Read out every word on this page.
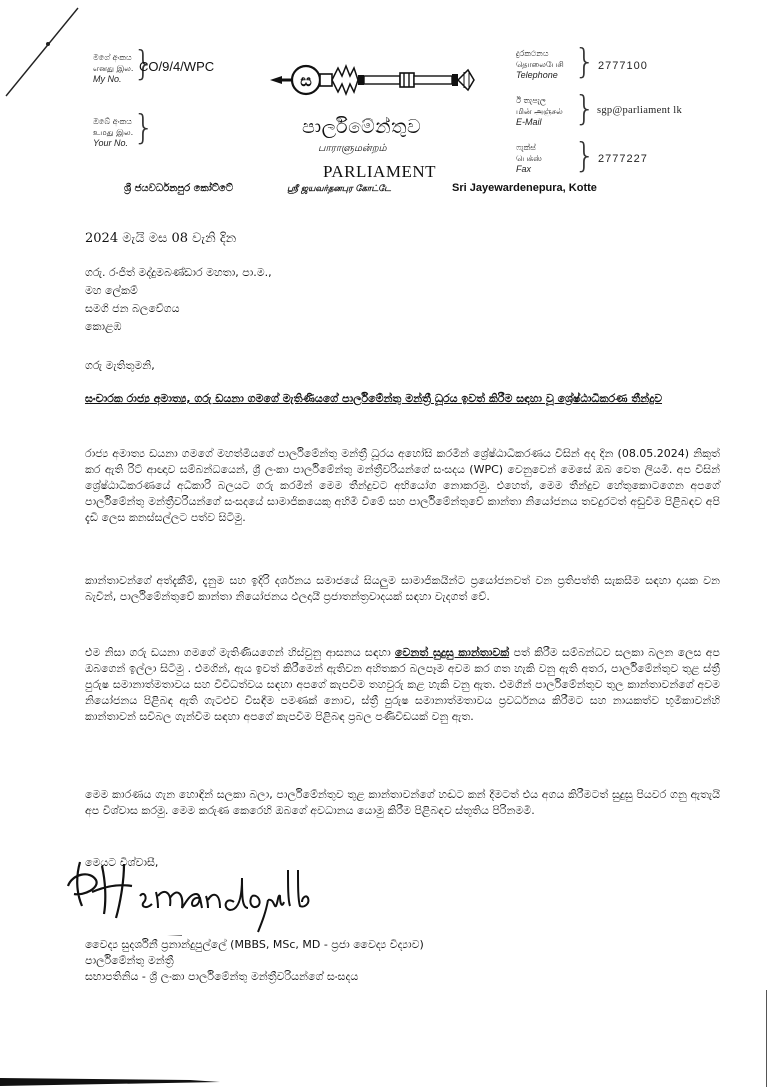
මගේ අංකය
எனது இல.
My No. }
CO/9/4/WPC
ඔබේ අංකය
உமது இல.
Your No. }
ස
පාර්ලිමේන්තුව
பாராளுமன்றம்
PARLIAMENT
ශ්‍රී ජයවර්ධනපුර කෝට්ටේ	ஸ்ரீ ஜயவர்தனபுர கோட்டே	Sri Jayewardenepura, Kotte
දුරකථනය
தொலைபேசி
Telephone } 2777100
ඊ තැපැල
மின் அஞ்சல்
E-Mail } sgp@parliament lk
ෆැක්ස්
பெக்ஸ்
Fax	} 2777227
2024 මැයි මස 08 වැනි දින
ගරු. රංජිත් මද්දුමබණ්ඩාර මහතා, පා.ම.,
මහ ලේකම්
සමගි ජන බලවේගය
කොළඹ
ගරු මැතිතුමනි,
සංචාරක රාජ්‍ය අමාත්‍ය, ගරු ඩයනා ගමගේ මැතිණියගේ පාර්ලිමේන්තු මන්ත්‍රී ධූරය ඉවත් කිරීම සඳහා වූ ශ්‍රේෂ්ඨාධිකරණ තීන්දුව
රාජ්‍ය අමාත්‍ය ඩයනා ගමගේ මහත්මියගේ පාර්ලිමේන්තු මන්ත්‍රී ධූරය අහෝසි කරමින් ශ්‍රේෂ්ඨාධිකරණය විසින් අද දින (08.05.2024) නිකුත් කර ඇති රිට් ආඥාව සම්බන්ධයෙන්, ශ්‍රී ලංකා පාර්ලිමේන්තු මන්ත්‍රීවරියන්ගේ සංසදය (WPC) වෙනුවෙන් මෙසේ ඔබ වෙත ලියමි. අප විසින් ශ්‍රේෂ්ඨාධිකරණයේ අධිකාරි බලයට ගරු කරමින් මෙම තීන්දුවට අභියෝග නොකරමු. එහෙත්, මෙම තීන්දුව හේතුකොටගෙන අපගේ පාර්ලිමේන්තු මන්ත්‍රීවරියන්ගේ සංසදයේ සාමාජිකයෙකු අහිමි වීමේ සහ පාර්ලිමේන්තුවේ කාන්තා නියෝජනය තවදුරටත් අඩුවීම පිළිබඳව අපි දැඩි ලෙස කනස්සල්ලට පත්ව සිටිමු.
කාන්තාවන්ගේ අත්දැකීම්, දැනුම සහ ඉදිරි දර්ශනය සමාජයේ සියලුම සාමාජිකයින්ට ප්‍රයෝජනවත් වන ප්‍රතිපත්ති සැකසීම සඳහා දායක වන බැවින්, පාර්ලිමේන්තුවේ කාන්තා නියෝජනය ඵලදායී ප්‍රජාතන්ත්‍රවාදයක් සඳහා වැදගත් වේ.
එම නිසා ගරු ඩයනා ගමගේ මැතිණියගෙන් හිස්වුනු ආසනය සඳහා වෙනත් සුදුසු කාන්තාවක් පත් කිරීම සම්බන්ධව සලකා බලන ලෙස අප ඔබගෙන් ඉල්ලා සිටිමු . එමගින්, ඇය ඉවත් කිරීමෙන් ඇතිවන අහිතකර බලපෑම අවම කර ගත හැකි වනු ඇති අතර, පාර්ලිමේන්තුව තුළ ස්ත්‍රී පුරුෂ සමානාත්මතාවය සහ විවිධත්වය සඳහා අපගේ කැපවීම තහවුරු කළ හැකි වනු ඇත. එමගින් පාර්ලිමේන්තුව තුල කාන්තාවන්ගේ අවම නියෝජනය පිළිබඳ ඇති ගැටළුව විසඳීම පමණක් නොව, ස්ත්‍රී පුරුෂ සමානාත්මතාවය ප්‍රවර්ධනය කිරීමට සහ නායකත්ව භූමිකාවන්හි කාන්තාවන් සවිබල ගැන්වීම සඳහා අපගේ කැපවීම පිළිබඳ ප්‍රබල පණිවිඩයක් වනු ඇත.
මෙම කාරණය ගැන හොඳින් සලකා බලා, පාර්ලිමේන්තුව තුළ කාන්තාවන්ගේ හඬට කන් දීමටත් එය අගය කිරීමටත් සුදුසු පියවර ගනු ඇතැයි අප විශ්වාස කරමු. මෙම කරුණ කෙරෙහි ඔබගේ අවධානය යොමු කිරීම පිළිබඳව ස්තූතිය පිරිනමමි.
මෙයට විශ්වාසී,
වෛද්‍ය සුදර්ශිනී ප්‍රනාන්දුපුල්ලේ (MBBS, MSc, MD - ප්‍රජා වෛද්‍ය විද්‍යාව)
පාර්ලිමේන්තු මන්ත්‍රී
සභාපතිනිය - ශ්‍රී ලංකා පාර්ලිමේන්තු මන්ත්‍රීවරියන්ගේ සංසදය
